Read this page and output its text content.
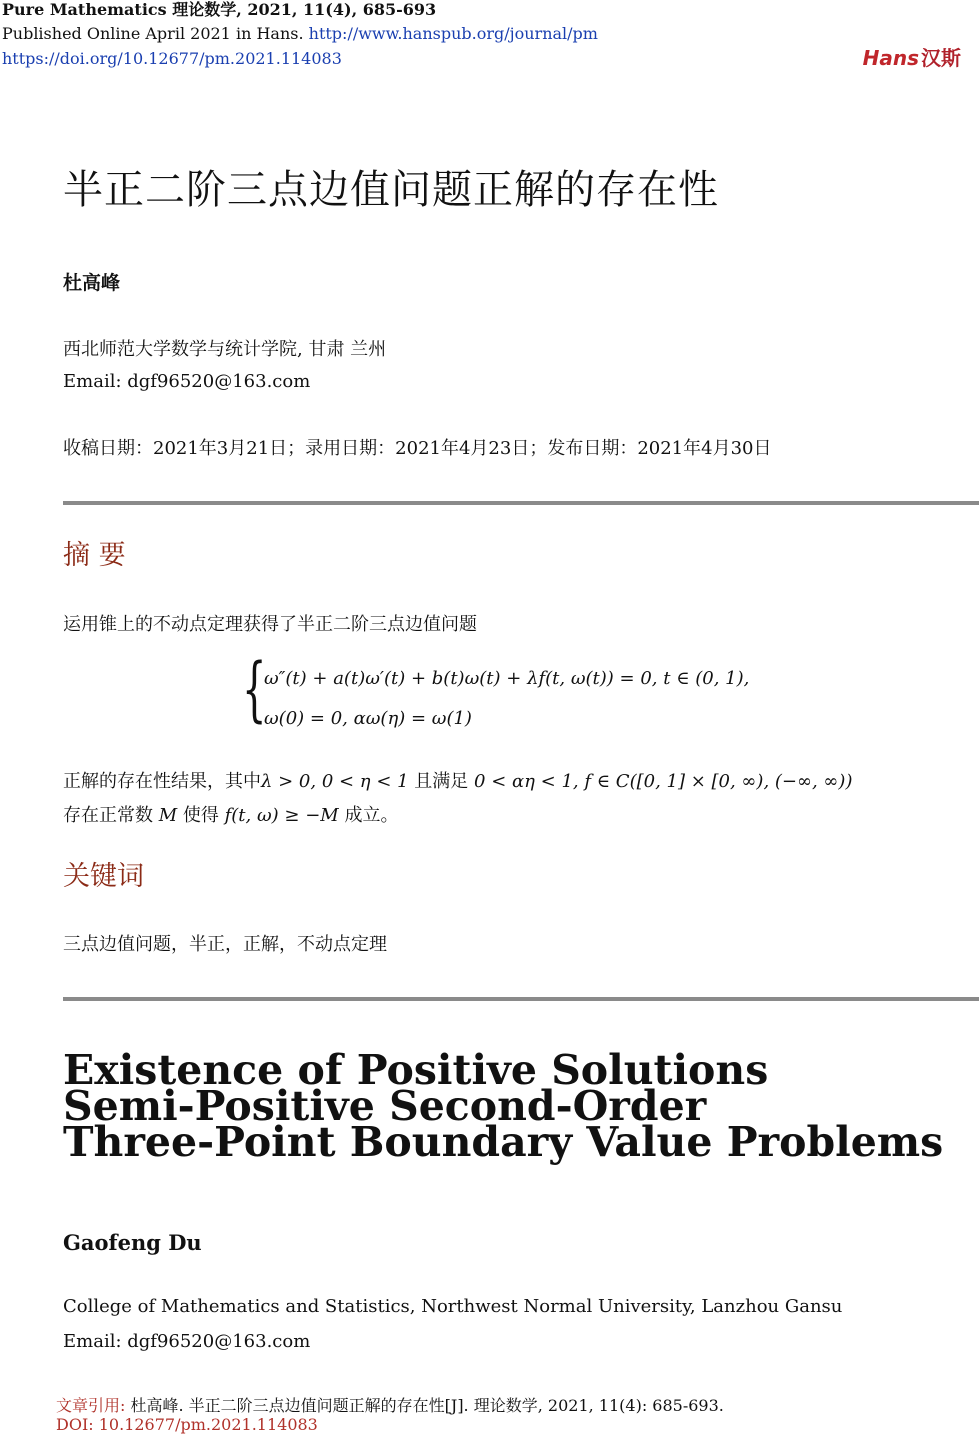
Pure Mathematics 理论数学, 2021, 11(4), 685-693
Published Online April 2021 in Hans. http://www.hanspub.org/journal/pm
https://doi.org/10.12677/pm.2021.114083	Hans 汉斯
半正二阶三点边值问题正解的存在性
杜高峰
西北师范大学数学与统计学院, 甘肃 兰州
Email: dgf96520@163.com
收稿日期：2021年3月21日；录用日期：2021年4月23日；发布日期：2021年4月30日
摘 要
运用锥上的不动点定理获得了半正二阶三点边值问题
{
ω″(t) + a(t)ω′(t) + b(t)ω(t) + λf(t, ω(t)) = 0, t ∈ (0, 1),
ω(0) = 0, αω(η) = ω(1)
正解的存在性结果，其中λ > 0, 0 < η < 1 且满足 0 < αη < 1, f ∈ C([0, 1] × [0, ∞), (−∞, ∞))
存在正常数 M 使得 f(t, ω) ≥ −M 成立。
关键词
三点边值问题，半正，正解，不动点定理
Existence of Positive Solutions
Semi-Positive Second-Order
Three-Point Boundary Value Problems
Gaofeng Du
College of Mathematics and Statistics, Northwest Normal University, Lanzhou Gansu
Email: dgf96520@163.com
文章引用: 杜高峰. 半正二阶三点边值问题正解的存在性[J]. 理论数学, 2021, 11(4): 685-693.
DOI: 10.12677/pm.2021.114083
